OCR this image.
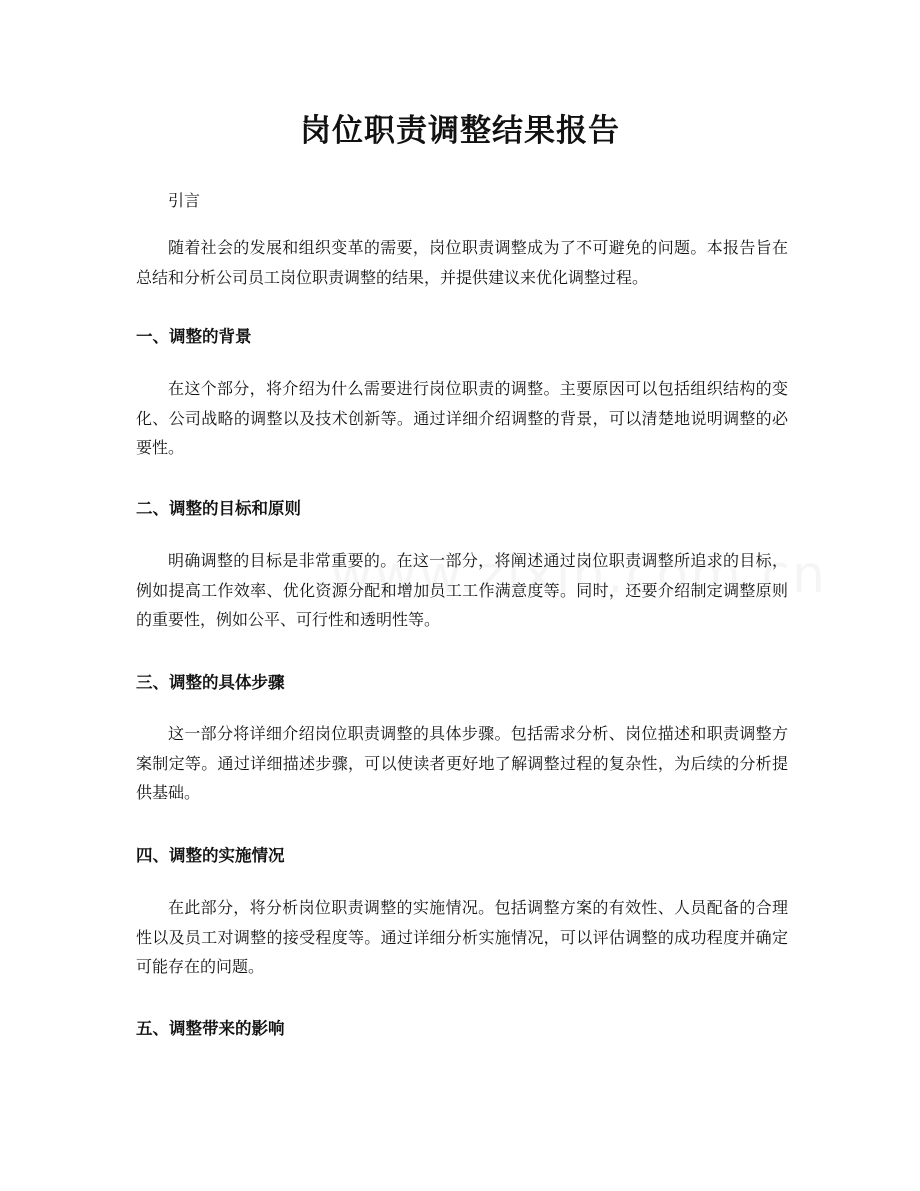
岗位职责调整结果报告
引言
随着社会的发展和组织变革的需要，岗位职责调整成为了不可避免的问题。本报告旨在总结和分析公司员工岗位职责调整的结果，并提供建议来优化调整过程。
一、调整的背景
在这个部分，将介绍为什么需要进行岗位职责的调整。主要原因可以包括组织结构的变化、公司战略的调整以及技术创新等。通过详细介绍调整的背景，可以清楚地说明调整的必要性。
二、调整的目标和原则
明确调整的目标是非常重要的。在这一部分，将阐述通过岗位职责调整所追求的目标，例如提高工作效率、优化资源分配和增加员工工作满意度等。同时，还要介绍制定调整原则的重要性，例如公平、可行性和透明性等。
三、调整的具体步骤
这一部分将详细介绍岗位职责调整的具体步骤。包括需求分析、岗位描述和职责调整方案制定等。通过详细描述步骤，可以使读者更好地了解调整过程的复杂性，为后续的分析提供基础。
四、调整的实施情况
在此部分，将分析岗位职责调整的实施情况。包括调整方案的有效性、人员配备的合理性以及员工对调整的接受程度等。通过详细分析实施情况，可以评估调整的成功程度并确定可能存在的问题。
五、调整带来的影响
